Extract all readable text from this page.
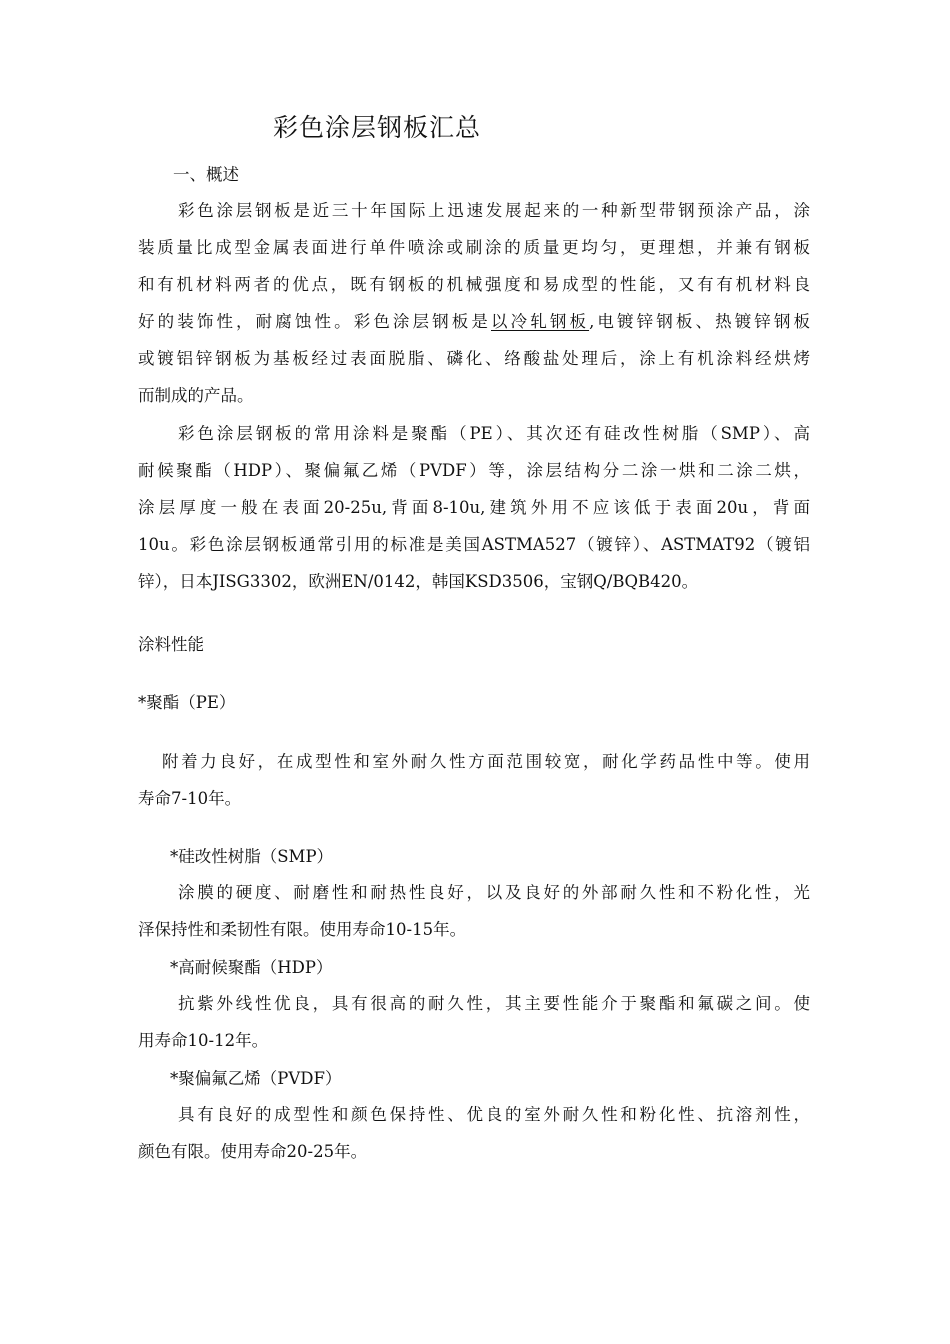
彩色涂层钢板汇总
一、概述
彩色涂层钢板是近三十年国际上迅速发展起来的一种新型带钢预涂产品，涂
装质量比成型金属表面进行单件喷涂或刷涂的质量更均匀，更理想，并兼有钢板
和有机材料两者的优点，既有钢板的机械强度和易成型的性能，又有有机材料良
好的装饰性，耐腐蚀性。彩色涂层钢板是以冷轧钢板,电镀锌钢板、热镀锌钢板
或镀铝锌钢板为基板经过表面脱脂、磷化、络酸盐处理后，涂上有机涂料经烘烤
而制成的产品。
彩色涂层钢板的常用涂料是聚酯（PE）、其次还有硅改性树脂（SMP）、高
耐候聚酯（HDP）、聚偏氟乙烯（PVDF）等，涂层结构分二涂一烘和二涂二烘，
涂层厚度一般在表面20-25u,背面8-10u,建筑外用不应该低于表面20u，背面
10u。彩色涂层钢板通常引用的标准是美国ASTMA527（镀锌）、ASTMAT92（镀铝
锌），日本JISG3302，欧洲EN/0142，韩国KSD3506，宝钢Q/BQB420。
涂料性能
*聚酯（PE）
附着力良好，在成型性和室外耐久性方面范围较宽，耐化学药品性中等。使用
寿命7-10年。
*硅改性树脂（SMP）
涂膜的硬度、耐磨性和耐热性良好，以及良好的外部耐久性和不粉化性，光
泽保持性和柔韧性有限。使用寿命10-15年。
*高耐候聚酯（HDP）
抗紫外线性优良，具有很高的耐久性，其主要性能介于聚酯和氟碳之间。使
用寿命10-12年。
*聚偏氟乙烯（PVDF）
具有良好的成型性和颜色保持性、优良的室外耐久性和粉化性、抗溶剂性，
颜色有限。使用寿命20-25年。
